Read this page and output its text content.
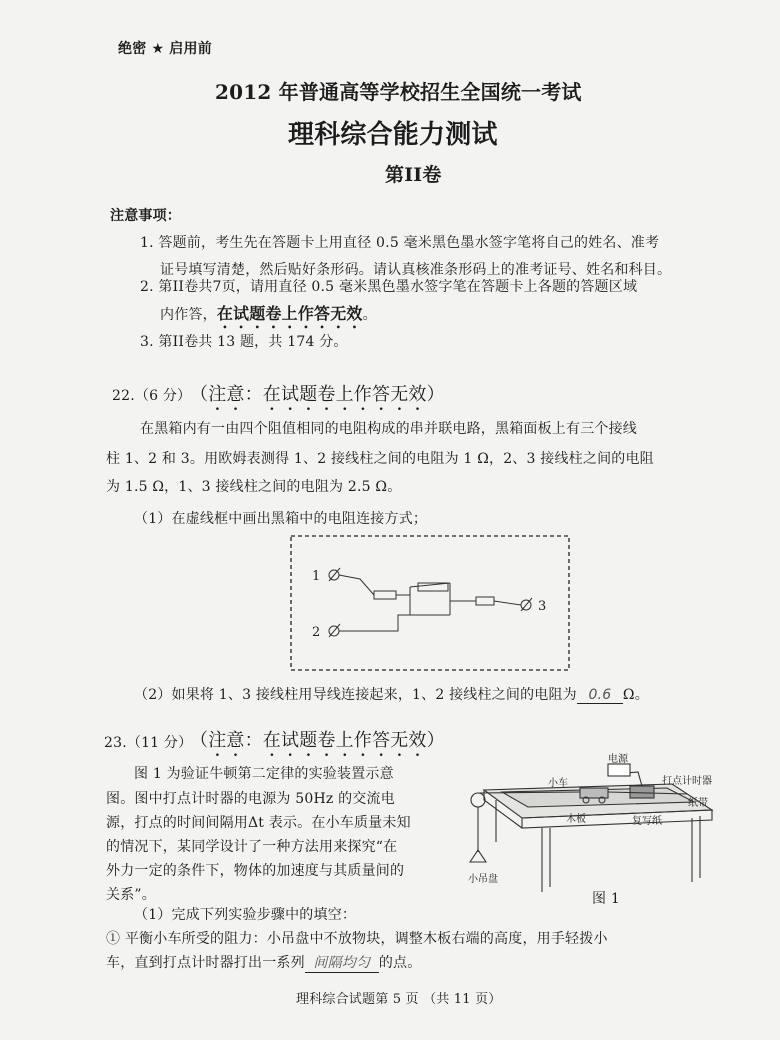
绝密 ★ 启用前
2012 年普通高等学校招生全国统一考试
理科综合能力测试
第II卷
注意事项：
1. 答题前，考生先在答题卡上用直径 0.5 毫米黑色墨水签字笔将自己的姓名、准考
证号填写清楚，然后贴好条形码。请认真核准条形码上的准考证号、姓名和科目。
2. 第II卷共7页，请用直径 0.5 毫米黑色墨水签字笔在答题卡上各题的答题区域
内作答，在试题卷上作答无效。
3. 第II卷共 13 题，共 174 分。
22.（6 分）
（注意：在试题卷上作答无效）
在黑箱内有一由四个阻值相同的电阻构成的串并联电路，黑箱面板上有三个接线
柱 1、2 和 3。用欧姆表测得 1、2 接线柱之间的电阻为 1 Ω，2、3 接线柱之间的电阻
为 1.5 Ω，1、3 接线柱之间的电阻为 2.5 Ω。
（1）在虚线框中画出黑箱中的电阻连接方式；
1
2
3
（2）如果将 1、3 接线柱用导线连接起来，1、2 接线柱之间的电阻为 0.6 Ω。
23.（11 分）
（注意：在试题卷上作答无效）
图 1 为验证牛顿第二定律的实验装置示意
图。图中打点计时器的电源为 50Hz 的交流电
源，打点的时间间隔用Δt 表示。在小车质量未知
的情况下，某同学设计了一种方法用来探究“在
外力一定的条件下，物体的加速度与其质量间的
关系”。
电源
打点计时器
小车
纸带
木板	复写纸
小吊盘
图 1
（1）完成下列实验步骤中的填空：
① 平衡小车所受的阻力：小吊盘中不放物块，调整木板右端的高度，用手轻拨小
车，直到打点计时器打出一系列 间隔均匀 的点。
理科综合试题第 5 页 （共 11 页）
